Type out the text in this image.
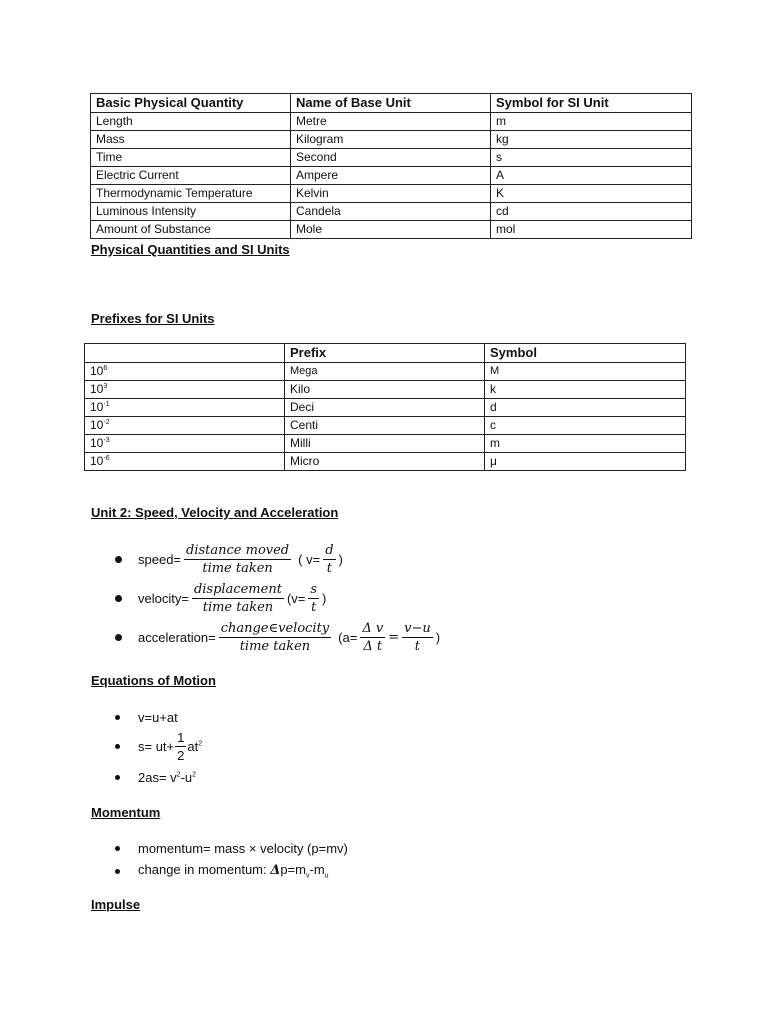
Basic Physical Quantity	Name of Base Unit	Symbol for SI Unit
Length	Metre	m
Mass	Kilogram	kg
Time	Second	s
Electric Current	Ampere	A
Thermodynamic Temperature	Kelvin	K
Luminous Intensity	Candela	cd
Amount of Substance	Mole	mol
Physical Quantities and SI Units
Prefixes for SI Units
	Prefix	Symbol
$10^6$	Mega	M
$10^3$	Kilo	k
$10^{-1}$	Deci	d
$10^{-2}$	Centi	c
$10^{-3}$	Milli	m
$10^{-6}$	Micro	μ
Unit 2: Speed, Velocity and Acceleration
speed= $\frac{\text{distance moved}}{\text{time taken}}$ ( $v= \frac{d}{t}$ )
velocity= $\frac{\text{displacement}}{\text{time taken}} (v= \frac{s}{t}$ )
acceleration= $\frac{\text{change∈velocity}}{\text{time taken}} (a= \frac{\text{Δ v}}{\text{Δ t}} = \frac{v-u}{t}$ )
Equations of Motion
v=u+at
$s= ut+ \frac{1}{2} at^2$
$2as= v^2-u^2$
Momentum
momentum= mass × velocity (p=mv)
change in momentum: $\Delta p=m_v-m_u$
Impulse
